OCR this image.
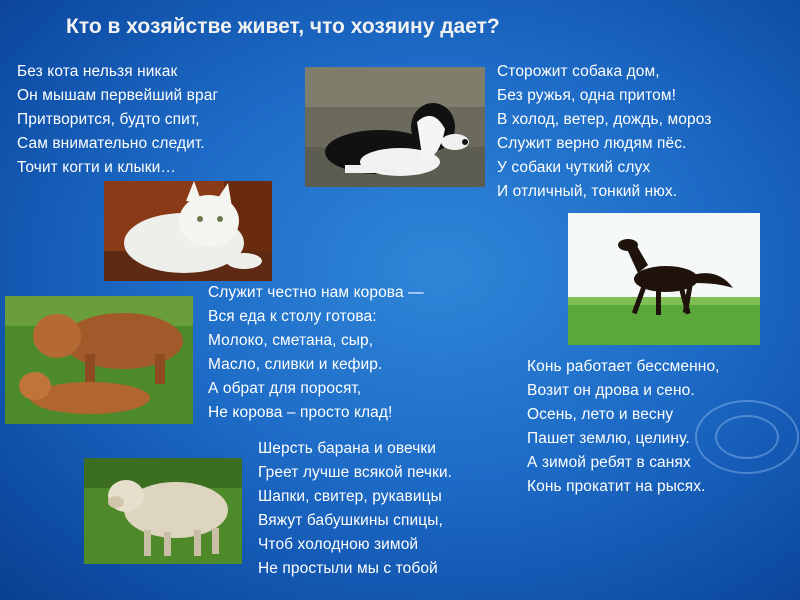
Кто в хозяйстве живет, что хозяину дает?
Без кота нельзя никак
Он мышам первейший враг
Притворится, будто спит,
Сам внимательно следит.
Точит когти и клыки…
Сторожит собака дом,
Без ружья, одна притом!
В холод, ветер, дождь, мороз
Служит верно людям пёс.
У собаки чуткий слух
И отличный, тонкий нюх.
Служит честно нам корова —
Вся еда к столу готова:
Молоко, сметана, сыр,
Масло, сливки и кефир.
А обрат для поросят,
Не корова – просто клад!
Конь работает бессменно,
Возит он дрова и сено.
Осень, лето и весну
Пашет землю, целину.
А зимой ребят в санях
Конь прокатит на рысях.
Шерсть барана и овечки
Греет лучше всякой печки.
Шапки, свитер, рукавицы
Вяжут бабушкины спицы,
Чтоб холодною зимой
Не простыли мы с тобой
